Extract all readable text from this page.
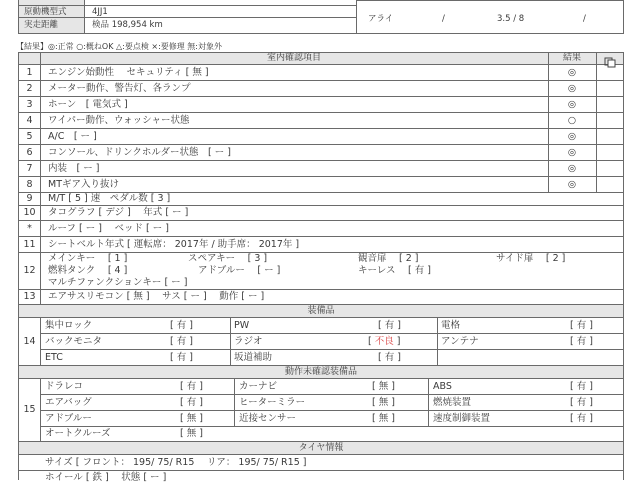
原動機型式	4JJ1
実走距離	検品 198,954 km
アライ	/	3.5 / 8	/
【結果】◎:正常 ○:概ねOK △:要点検 ×:要修理 無:対象外
室内確認項目	結果
1	エンジン始動性　 セキュリティ [ 無 ]	◎
2	メーター動作、警告灯、各ランプ	◎
3	ホーン　[ 電気式 ]	◎
4	ワイパー動作、ウォッシャー状態	○
5	A/C　[ ー ]	◎
6	コンソール、ドリンクホルダー状態　[ ー ]	◎
7	内装　[ ー ]	◎
8	MTギア入り抜け	◎
9	M/T [ 5 ] 速　ペダル数 [ 3 ]
10	タコグラフ [ デジ ]　 年式 [ ー ]
*	ルーフ [ ー ]　 ベッド [ ー ]
11	シートベルト年式 [ 運転席： 2017年 / 助手席： 2017年 ]
12
メインキー　 [ 1 ]	スペアキー　 [ 3 ]	観音扉　 [ 2 ]	サイド扉　 [ 2 ]
燃料タンク　 [ 4 ]	アドブルー　 [ ー ]	キーレス　 [ 有 ]
マルチファンクションキー [ ー ]
13	エアサスリモコン [ 無 ]　 サス [ ー ]　 動作 [ ー ]
装備品
14
集中ロック	[ 有 ]	PW	[ 有 ]	電格	[ 有 ]
バックモニタ	[ 有 ]	ラジオ	[ 不良 ]	アンテナ	[ 有 ]
ETC	[ 有 ]	坂道補助	[ 有 ]
動作未確認装備品
15
ドラレコ	[ 有 ]	カーナビ	[ 無 ]	ABS	[ 有 ]
エアバッグ	[ 有 ]	ヒーターミラー	[ 無 ]	燃焼装置	[ 有 ]
アドブルー	[ 無 ]	近接センサー	[ 無 ]	速度制御装置	[ 有 ]
オートクルーズ	[ 無 ]
タイヤ情報
サイズ [ フロント： 195/ 75/ R15　 リア： 195/ 75/ R15 ]
ホイール [ 鉄 ]　 状態 [ ー ]
